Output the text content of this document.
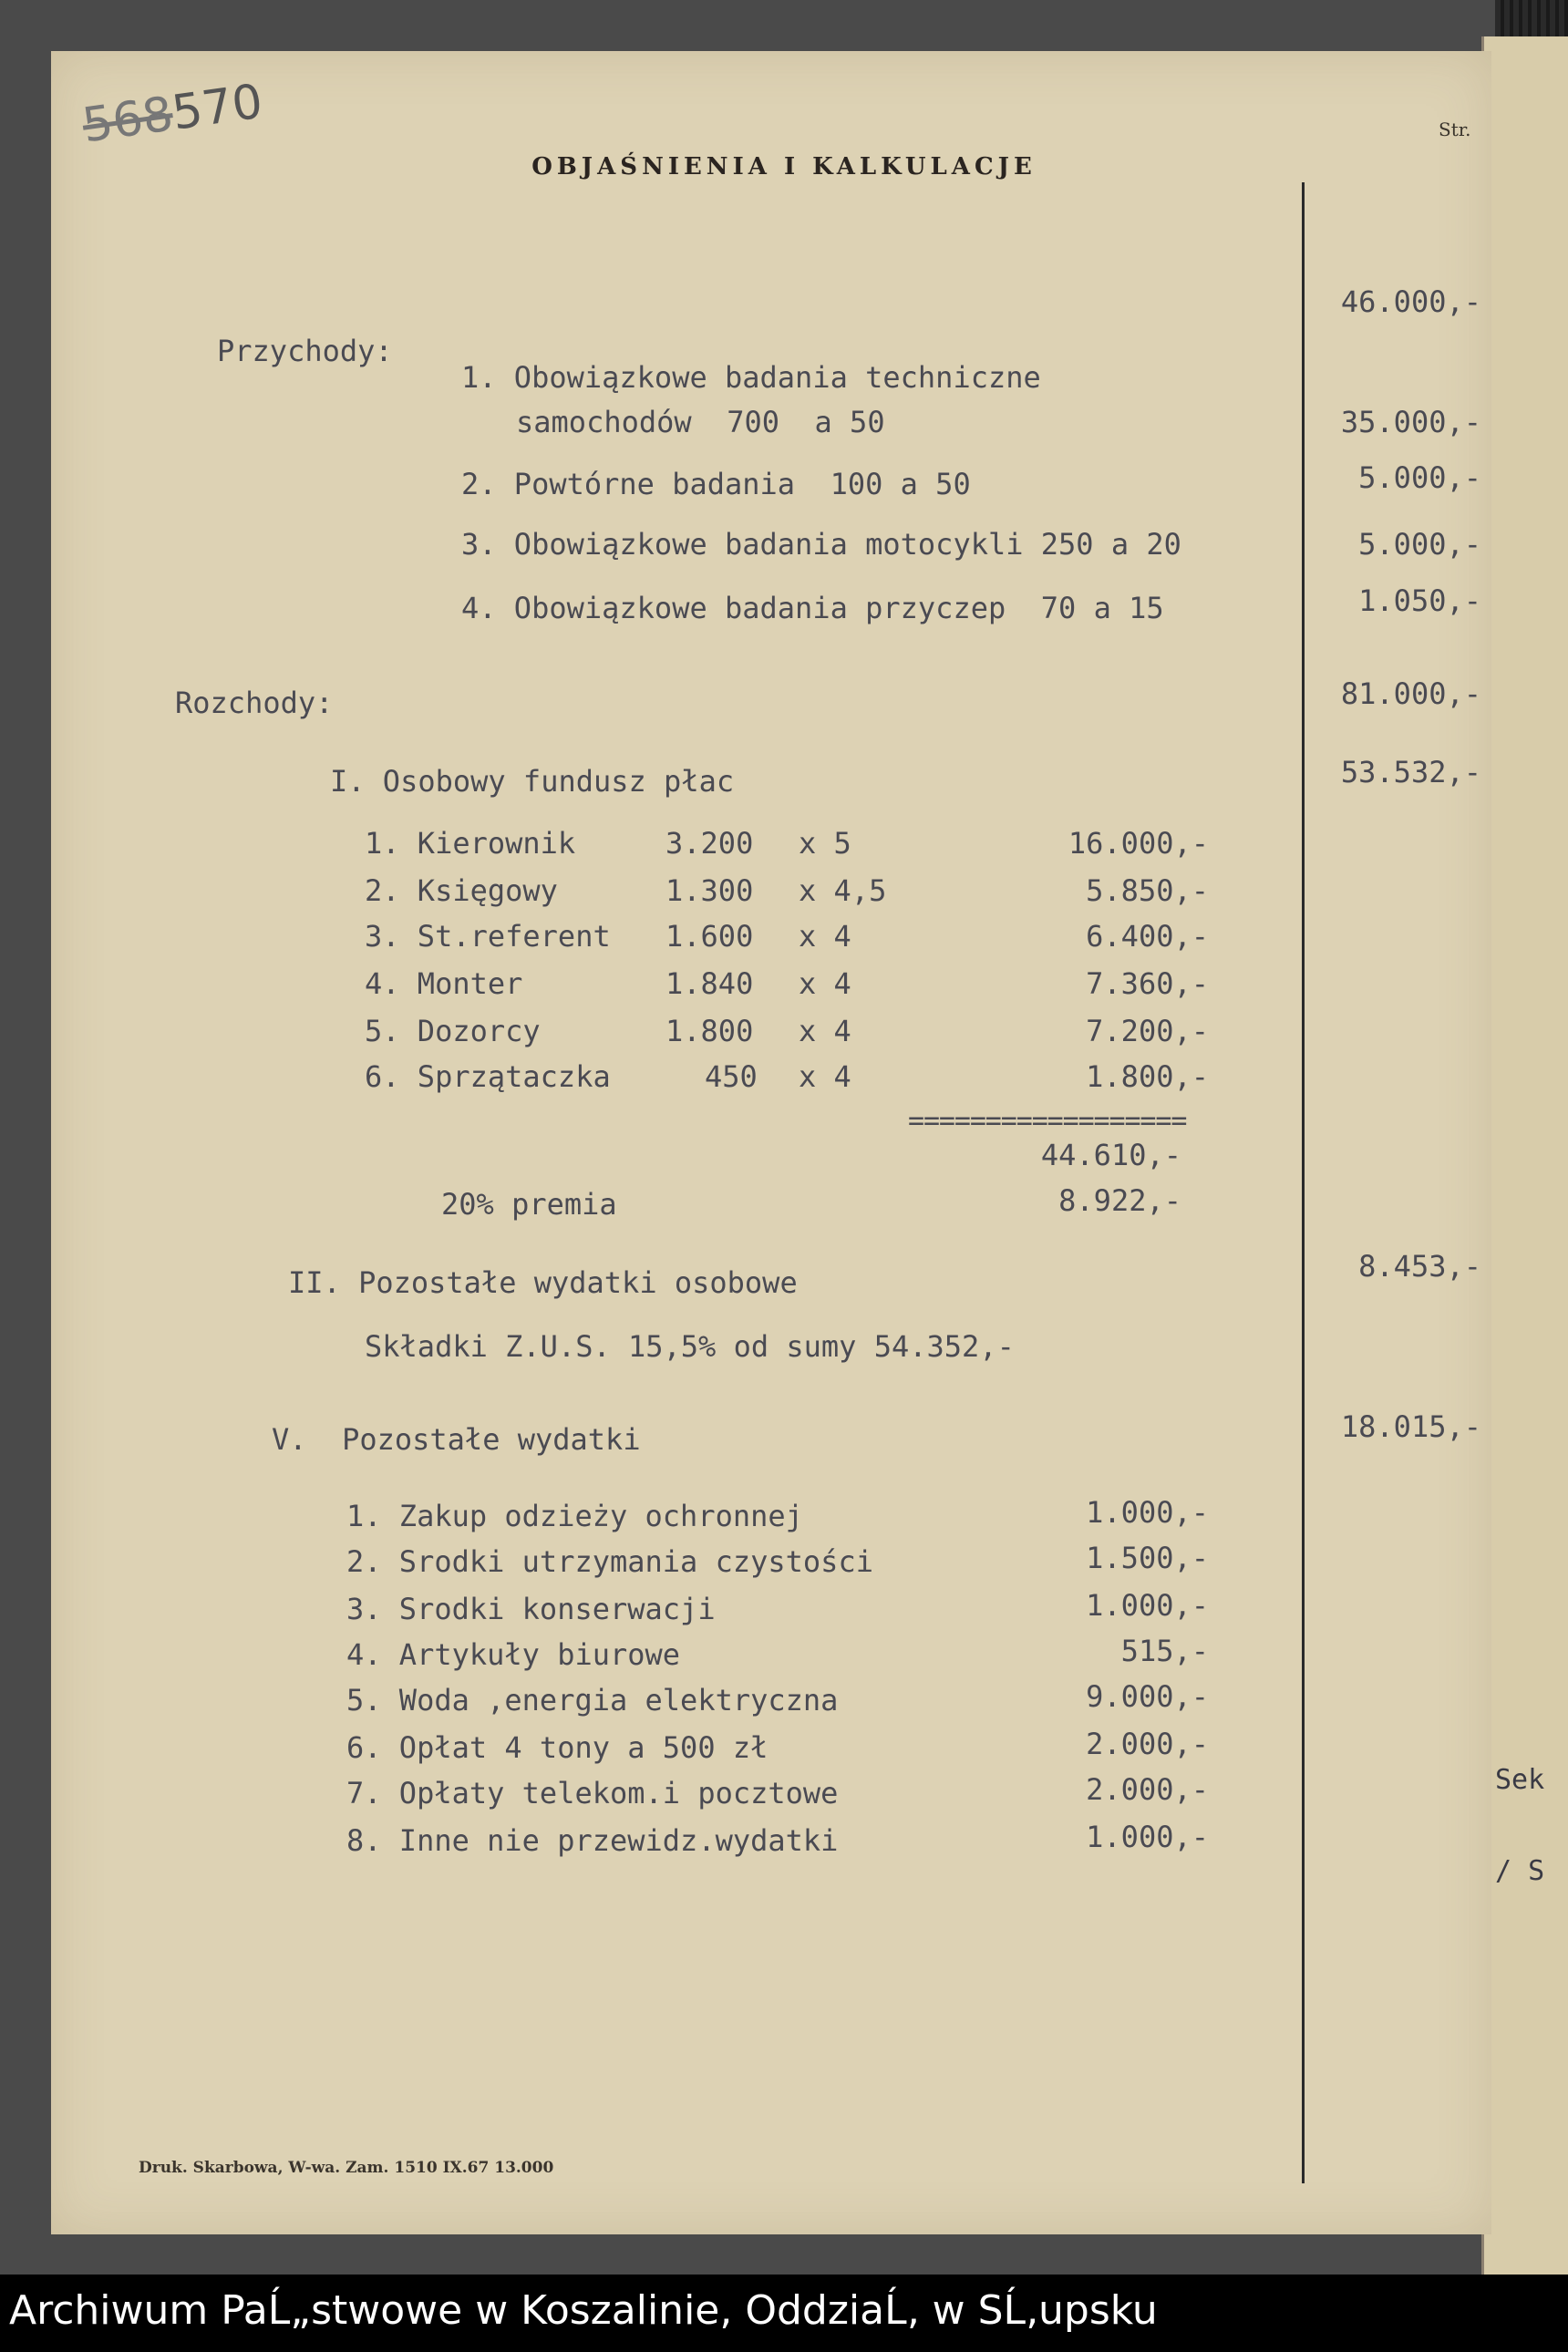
Sek
/ S
568570	Str.
OBJAŚNIENIA I KALKULACJE
Przychody:
46.000,-
1. Obowiązkowe badania techniczne
samochodów  700  a 50	35.000,-
2. Powtórne badania  100 a 50	5.000,-
3. Obowiązkowe badania motocykli 250 a 20	5.000,-
4. Obowiązkowe badania przyczep  70 a 15	1.050,-
Rozchody:	81.000,-
I. Osobowy fundusz płac	53.532,-
1. Kierownik	3.200 x 5	16.000,-
2. Księgowy	1.300 x 4,5	5.850,-
3. St.referent 1.600 x 4	6.400,-
4. Monter	1.840 x 4	7.360,-
5. Dozorcy	1.800 x 4	7.200,-
6. Sprzątaczka	450 x 4	1.800,-
==================
44.610,-
20% premia	8.922,-
II. Pozostałe wydatki osobowe	8.453,-
Składki Z.U.S. 15,5% od sumy 54.352,-
V.  Pozostałe wydatki	18.015,-
1. Zakup odzieży ochronnej	1.000,-
2. Srodki utrzymania czystości	1.500,-
3. Srodki konserwacji	1.000,-
4. Artykuły biurowe	515,-
5. Woda ,energia elektryczna	9.000,-
6. Opłat 4 tony a 500 zł	2.000,-
7. Opłaty telekom.i pocztowe	2.000,-
8. Inne nie przewidz.wydatki	1.000,-
Druk. Skarbowa, W-wa. Zam. 1510 IX.67 13.000
Archiwum PaĹ„stwowe w Koszalinie, OddziaĹ‚ w SĹ‚upsku
